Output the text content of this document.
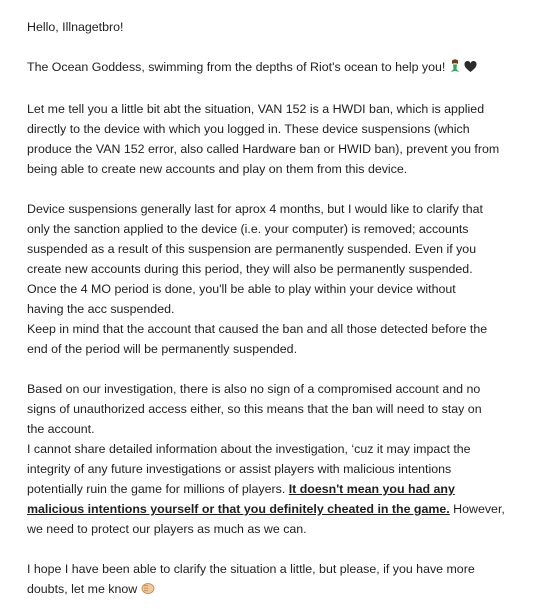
Hello, Illnagetbro!

The Ocean Goddess, swimming from the depths of Riot's ocean to help you!

Let me tell you a little bit abt the situation, VAN 152 is a HWDI ban, which is applied

directly to the device with which you logged in. These device suspensions (which

produce the VAN 152 error, also called Hardware ban or HWID ban), prevent you from

being able to create new accounts and play on them from this device.

Device suspensions generally last for aprox 4 months, but I would like to clarify that

only the sanction applied to the device (i.e. your computer) is removed; accounts

suspended as a result of this suspension are permanently suspended. Even if you

create new accounts during this period, they will also be permanently suspended.

Once the 4 MO period is done, you'll be able to play within your device without

having the acc suspended.

Keep in mind that the account that caused the ban and all those detected before the

end of the period will be permanently suspended.

Based on our investigation, there is also no sign of a compromised account and no

signs of unauthorized access either, so this means that the ban will need to stay on

the account.

I cannot share detailed information about the investigation, ‘cuz it may impact the

integrity of any future investigations or assist players with malicious intentions

potentially ruin the game for millions of players. It doesn't mean you had any

malicious intentions yourself or that you definitely cheated in the game. However,

we need to protect our players as much as we can.

I hope I have been able to clarify the situation a little, but please, if you have more

doubts, let me know
